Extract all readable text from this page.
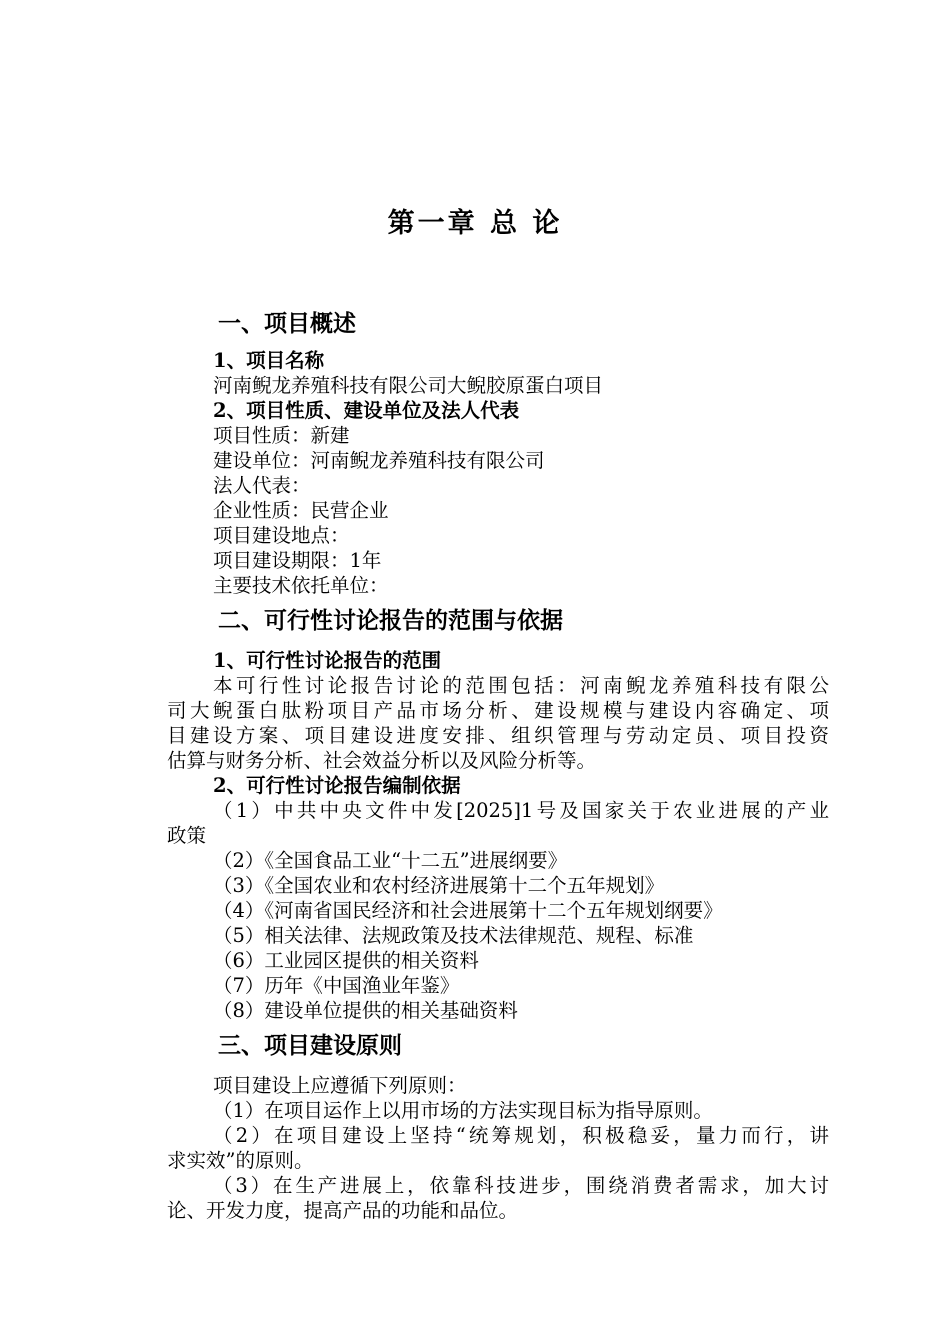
第一章 总 论
一、项目概述
1、项目名称
河南鲵龙养殖科技有限公司大鲵胶原蛋白项目
2、项目性质、建设单位及法人代表
项目性质：新建
建设单位：河南鲵龙养殖科技有限公司
法人代表：
企业性质：民营企业
项目建设地点：
项目建设期限：1年
主要技术依托单位：
二、可行性讨论报告的范围与依据
1、可行性讨论报告的范围
本可行性讨论报告讨论的范围包括：河南鲵龙养殖科技有限公
司大鲵蛋白肽粉项目产品市场分析、建设规模与建设内容确定、项
目建设方案、项目建设进度安排、组织管理与劳动定员、项目投资
估算与财务分析、社会效益分析以及风险分析等。
2、可行性讨论报告编制依据
（1）中共中央文件中发[2025]1号及国家关于农业进展的产业
政策
（2）《全国食品工业“十二五”进展纲要》
（3）《全国农业和农村经济进展第十二个五年规划》
（4）《河南省国民经济和社会进展第十二个五年规划纲要》
（5）相关法律、法规政策及技术法律规范、规程、标准
（6）工业园区提供的相关资料
（7）历年《中国渔业年鉴》
（8）建设单位提供的相关基础资料
三、项目建设原则
项目建设上应遵循下列原则：
（1）在项目运作上以用市场的方法实现目标为指导原则。
（2）在项目建设上坚持“统筹规划，积极稳妥，量力而行，讲
求实效”的原则。
（3）在生产进展上，依靠科技进步，围绕消费者需求，加大讨
论、开发力度，提高产品的功能和品位。
